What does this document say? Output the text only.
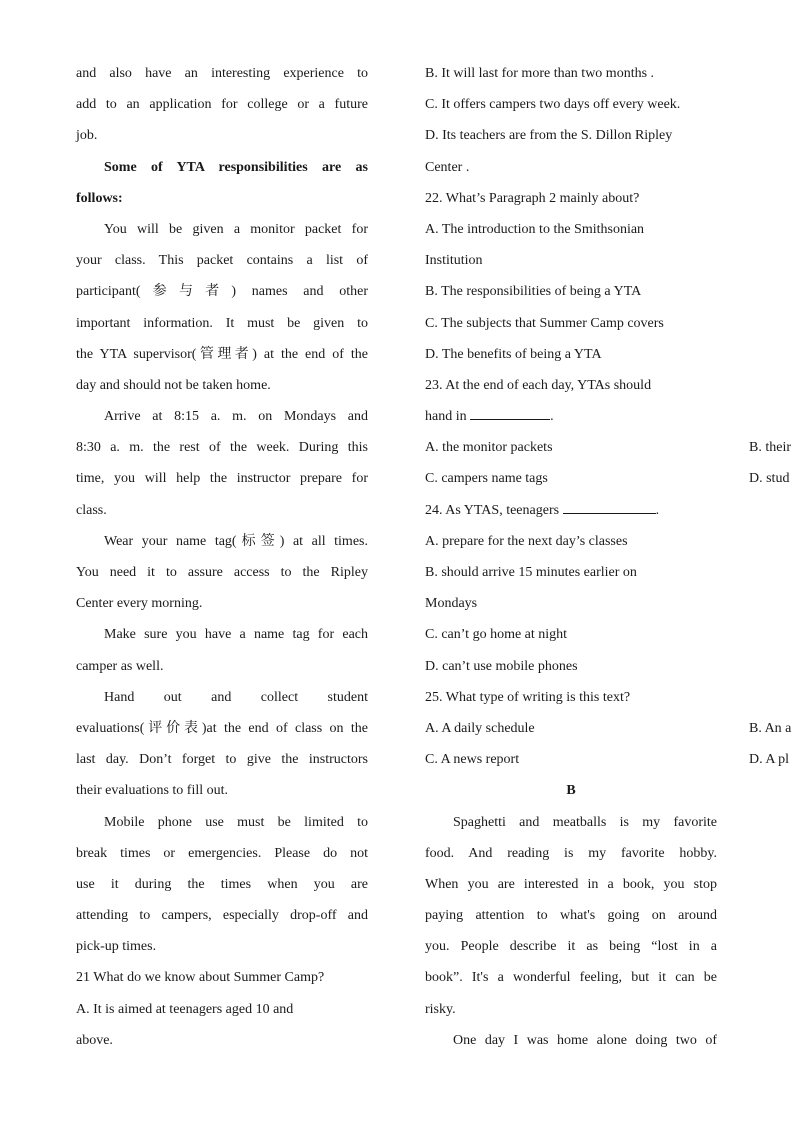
and also have an interesting experience to
add to an application for college or a future
job.
Some of YTA responsibilities are as
follows:
You will be given a monitor packet for
your class. This packet contains a list of
participant(参与者) names and other
important information. It must be given to
the YTA supervisor(管理者) at the end of the
day and should not be taken home.
Arrive at 8:15 a. m. on Mondays and
8:30 a. m. the rest of the week. During this
time, you will help the instructor prepare for
class.
Wear your name tag(标签) at all times.
You need it to assure access to the Ripley
Center every morning.
Make sure you have a name tag for each
camper as well.
Hand out and collect student
evaluations(评价表)at the end of class on the
last day. Don’t forget to give the instructors
their evaluations to fill out.
Mobile phone use must be limited to
break times or emergencies. Please do not
use it during the times when you are
attending to campers, especially drop-off and
pick-up times.
21 What do we know about Summer Camp?
A. It is aimed at teenagers aged 10 and
above.
B. It will last for more than two months .
C. It offers campers two days off every week.
D. Its teachers are from the S. Dillon Ripley
Center .
22. What’s Paragraph 2 mainly about?
A. The introduction to the Smithsonian
Institution
B. The responsibilities of being a YTA
C. The subjects that Summer Camp covers
D. The benefits of being a YTA
23. At the end of each day, YTAs should
hand in	.
A. the monitor packets	B. their
C. campers name tags	D. stud
24. As YTAS, teenagers	.
A. prepare for the next day’s classes
B. should arrive 15 minutes earlier on
Mondays
C. can’t go home at night
D. can’t use mobile phones
25. What type of writing is this text?
A. A daily schedule	B. An a
C. A news report	D. A pl
B
Spaghetti and meatballs is my favorite
food. And reading is my favorite hobby.
When you are interested in a book, you stop
paying attention to what's going on around
you. People describe it as being “lost in a
book”. It's a wonderful feeling, but it can be
risky.
One day I was home alone doing two of
